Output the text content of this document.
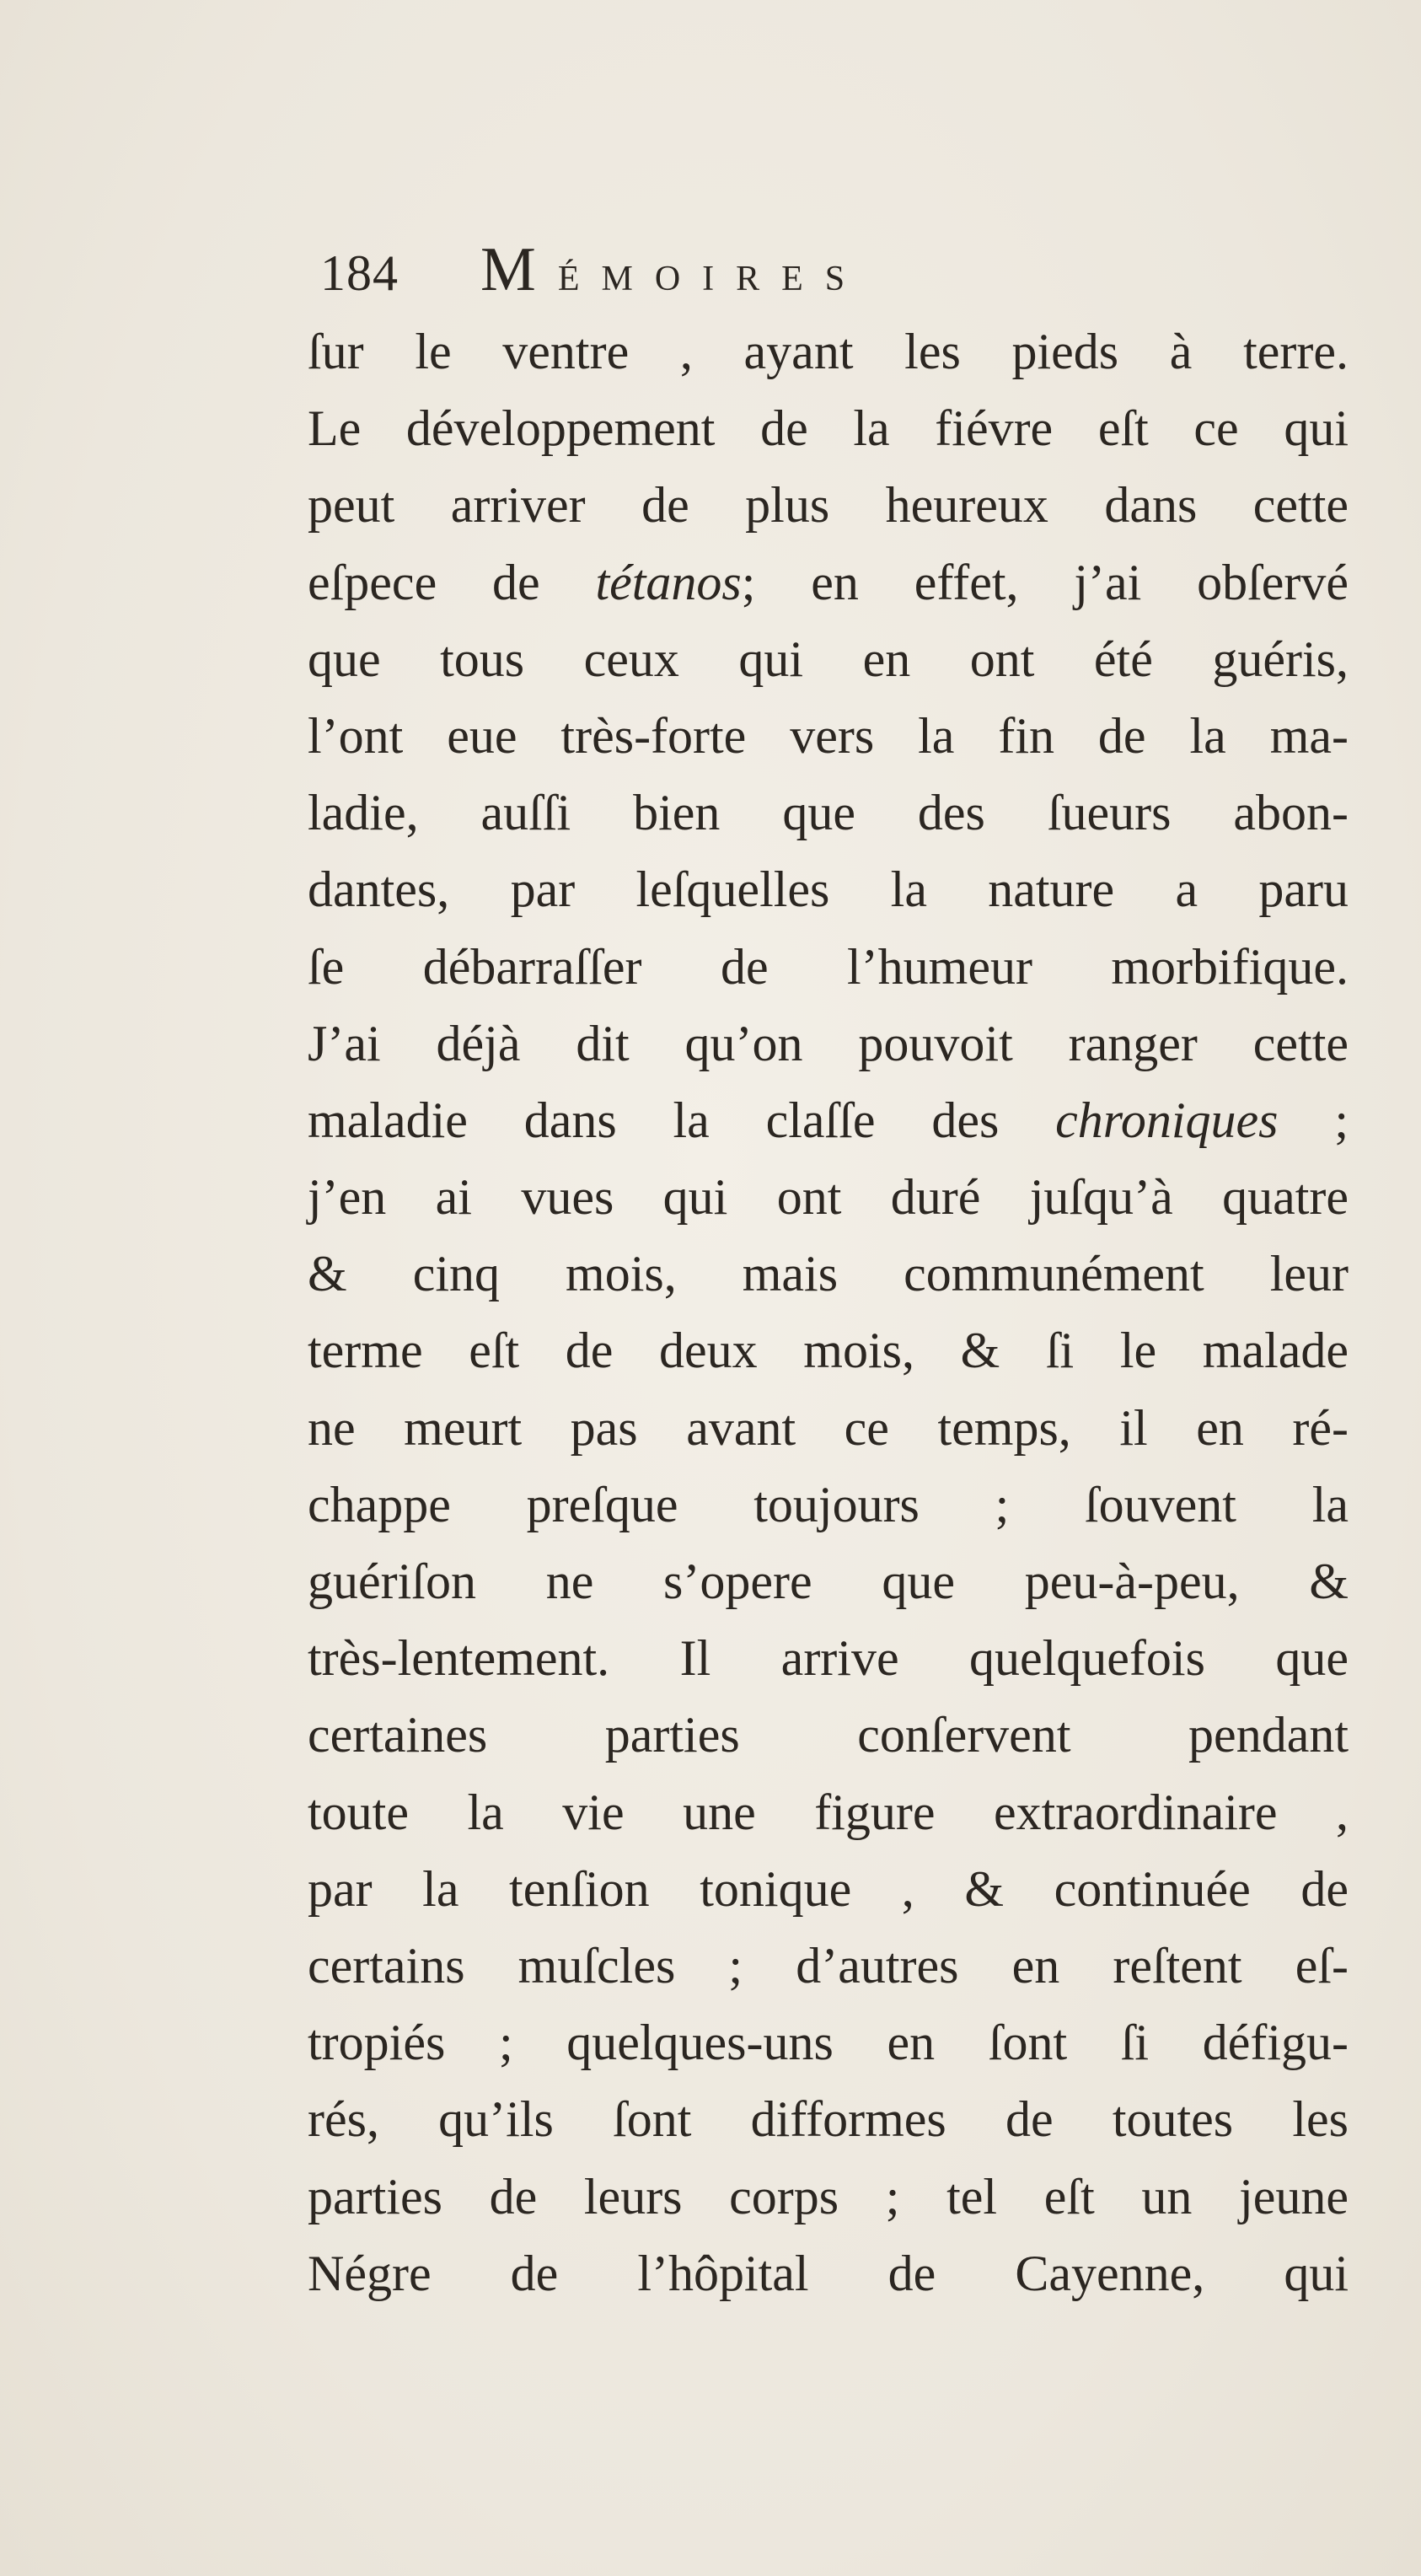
184	Mémoires
ſur le ventre , ayant les pieds à terre.
Le développement de la fiévre eſt ce qui
peut arriver de plus heureux dans cette
eſpece de tétanos; en effet, j’ai obſervé
que tous ceux qui en ont été guéris,
l’ont eue très-forte vers la fin de la ma-
ladie, auſſi bien que des ſueurs abon-
dantes, par leſquelles la nature a paru
ſe débarraſſer de l’humeur morbifique.
J’ai déjà dit qu’on pouvoit ranger cette
maladie dans la claſſe des chroniques ;
j’en ai vues qui ont duré juſqu’à quatre
& cinq mois, mais communément leur
terme eſt de deux mois, & ſi le malade
ne meurt pas avant ce temps, il en ré-
chappe preſque toujours ; ſouvent la
guériſon ne s’opere que peu-à-peu, &
très-lentement. Il arrive quelquefois que
certaines parties conſervent pendant
toute la vie une figure extraordinaire ,
par la tenſion tonique , & continuée de
certains muſcles ; d’autres en reſtent eſ-
tropiés ; quelques-uns en ſont ſi défigu-
rés, qu’ils ſont difformes de toutes les
parties de leurs corps ; tel eſt un jeune
Négre de l’hôpital de Cayenne, qui
